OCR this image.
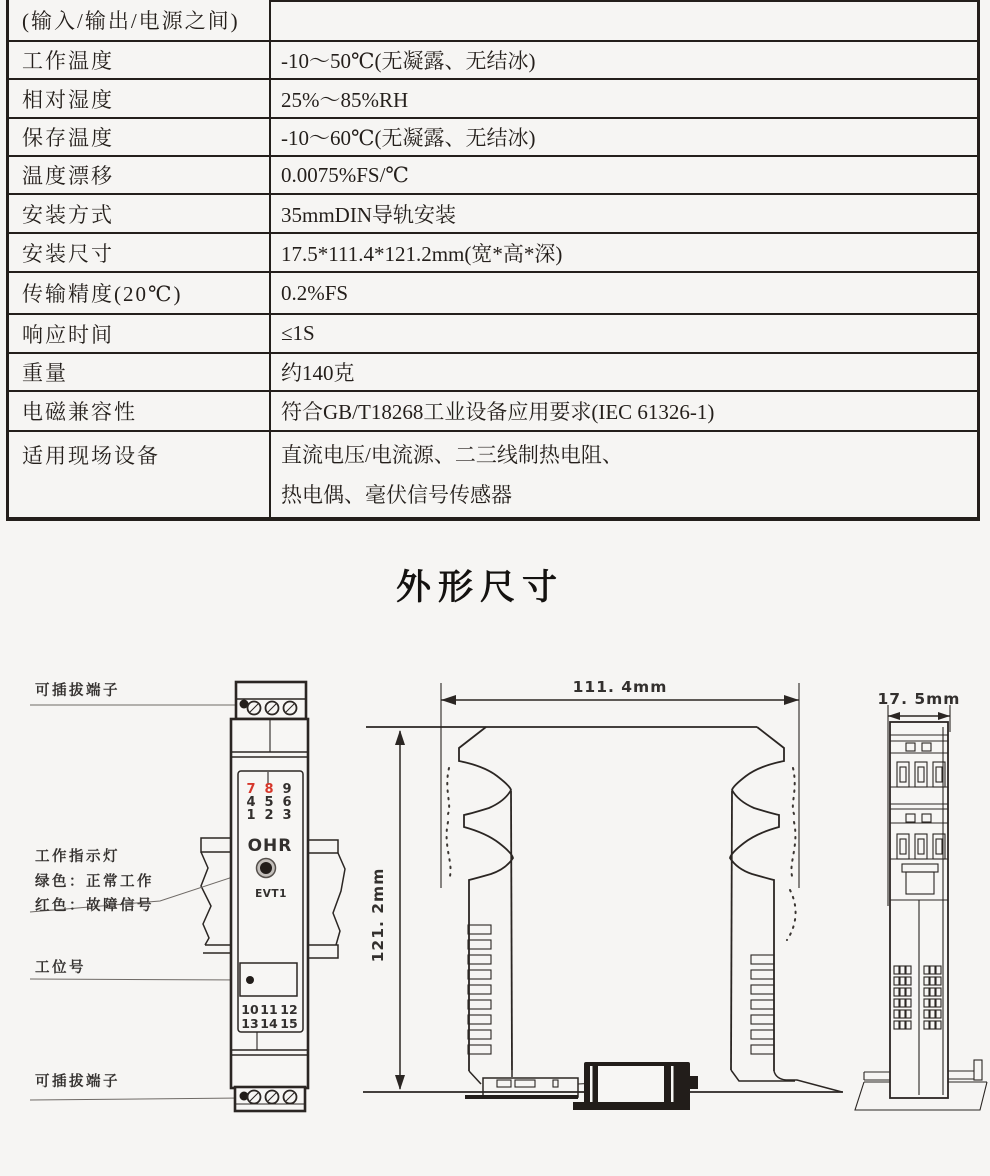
(输入/输出/电源之间)
工作温度	-10～50℃(无凝露、无结冰)
相对湿度	25%～85%RH
保存温度	-10～60℃(无凝露、无结冰)
温度漂移	0.0075%FS/℃
安装方式	35mmDIN导轨安装
安装尺寸	17.5*111.4*121.2mm(宽*高*深)
传输精度(20℃)	0.2%FS
响应时间	≤1S
重量	约140克
电磁兼容性	符合GB/T18268工业设备应用要求(IEC 61326-1)
适用现场设备	直流电压/电流源、二三线制热电阻、
热电偶、毫伏信号传感器
外形尺寸
可插拔端子
工作指示灯
绿色：正常工作
红色：故障信号
工位号
可插拔端子
7 8 9
4 5 6
1 2 3
OHR
EVT1
10 11 12
13 14 15
111. 4mm
121. 2mm
17. 5mm
